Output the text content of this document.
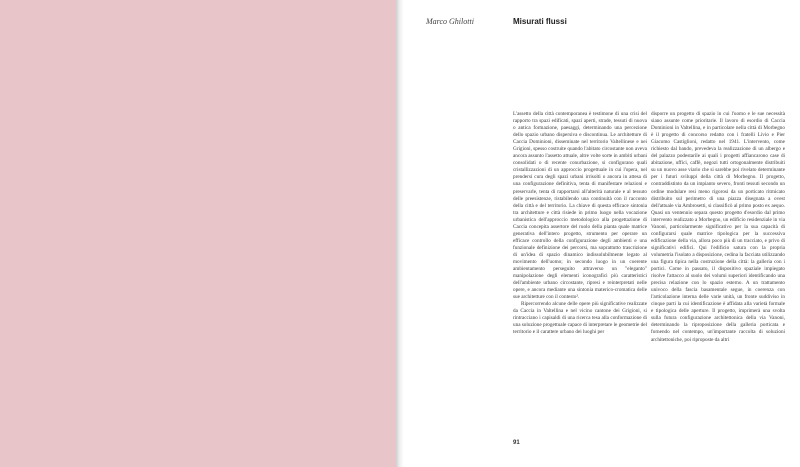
Marco Ghilotti	Misurati flussi

L'assetto della città contemporanea è testimone di una crisi del rapporto tra spazi edificati, spazi aperti, strade, tessuti di nuova o antica formazione, paesaggi, determinando una percezione dello spazio urbano dispersiva e discontinua. Le architetture di Caccia Dominioni, disseminate nel territorio Valtellinese e nei Grigioni, spesso costruite quando l'abitato circostante non aveva ancora assunto l'assetto attuale, altre volte sorte in ambiti urbani consolidati o di recente conurbazione, si configurano quali cristallizzazioni di un approccio progettuale in cui l'opera, nel prendersi cura degli spazi urbani irrisolti o ancora in attesa di una configurazione definitiva, tenta di manifestare relazioni e preservarle, tenta di rapportarsi all'alterità naturale e al tessuto delle preesistenze, ristabilendo una continuità con il racconto della città e del territorio. La chiave di questa efficace sintonia tra architetture e città risiede in primo luogo nella vocazione urbanistica dell'approccio metodologico alla progettazione di Caccia concepita assertore del ruolo della pianta quale matrice generativa dell'intero progetto, strumento per operare un efficace controllo della configurazione degli ambienti e una funzionale definizione dei percorsi, ma soprattutto trascrizione di un'idea di spazio dinamico indissolubilmente legato al movimento dell'uomo; in secondo luogo in un coerente ambientamento perseguito attraverso un "eleganto" manipolazione degli elementi iconografici più caratteristici dell'ambiente urbano circostante, ripresi e reinterpretati nelle opere, e ancora mediante una sintonia materico-cromatica delle sue architetture con il contesto².

Ripercorrendo alcune delle opere più significative realizzate da Caccia in Valtellina e nel vicino cantone dei Grigioni, si rintracciano i capisaldi di una ricerca tesa alla conformazione di una soluzione progettuale capace di interpretare le geometrie del territorio e il carattere urbano dei luoghi per

disporre un progetto di spazio in cui l'uomo e le sue necessità siano assunte come prioritarie. Il lavoro di esordio di Caccia Dominioni in Valtellina, e in particolare nella città di Morbegno è il progetto di concorso redatto con i fratelli Livio e Pier Giacomo Castiglioni, redatto nel 1941. L'intervento, come richiesto dal bando, prevedeva la realizzazione di un albergo e del palazzo podestarile ai quali i progetti affiancarono case di abitazione, uffici, caffè, negozi tutti ortogonalmente distribuiti su un nuovo asse viario che si sarebbe poi rivelato determinante per i futuri sviluppi della città di Morbegno. Il progetto, contraddistinto da un impianto severo, fronti tessuti secondo un ordine modulare resi meno rigorosi da un porticato ritmicato distribuito sul perimetro di una piazza disegnata a ovest dell'attuale via Ambrosetti, si classificò al primo posto ex aequo. Quasi un ventennio separa questo progetto d'esordio dal primo intervento realizzato a Morbegno, un edificio residenziale in via Vanoni, particolarmente significativo per la sua capacità di configurarsi quale matrice tipologica per la successiva edificazione della via, allora poco più di un tracciato, e privo di significativi edifici. Qui l'edificio satura con la propria volumetria l'isolato a disposizione, cedina la facciata utilizzando una figura tipica nella costruzione della città: la galleria con i portici. Come in passato, il dispositivo spaziale impiegato risolve l'attacco al suolo dei volumi superiori identificando una precisa relazione con lo spazio esterno. A un trattamento univoco della fascia basamentale segue, in coerenza con l'articolazione interna delle varie unità, un fronte suddiviso in cinque parti la cui identificazione è affidata alla varietà formale e tipologica delle aperture. Il progetto, imprimerà una svolta sulla futura configurazione architettonica della via Vanoni, determinando la riproposizione della galleria porticata e fornendo nel contempo, un'importante raccolta di soluzioni architettoniche, poi riproposte da altri

91
